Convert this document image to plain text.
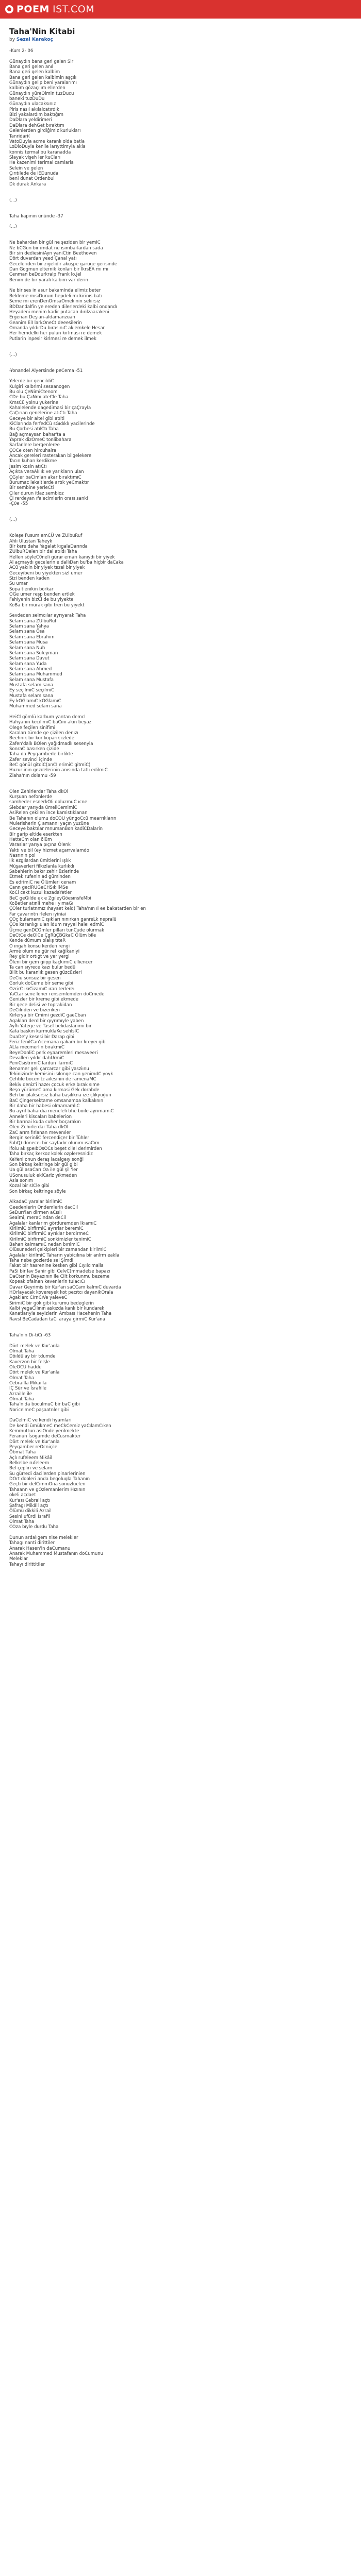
POEM IST.COM
Taha'Nin Kitabi
by Sezai Karakoç
-Kurs 2- 06

Günaydın bana geri gelen Sir
Bana geri gelen anıl
Bana geri gelen kalbim
Bana geri gelen kalbimin aşçılı
Günaydın gelip beni yaralarımı
kalbim gözaçılım ellerden
Günaydın yüreOimin tuzDucu
baneki tuzDuDu
Günaydın ulacaksınız
Piris nasıl akılalcatırdık
Bizi yakalardım baktığım
DaDlara yeldirimeri
DaDlara dehGet bıraktım
Gelenlerden girdiğimiz kurlukları
Tanridari(
VatoDuyla acme karanlı olda batla
LoDloDuyla kenile larıyttimyla akla
konnis termal bu karanadda
Slayak vişeh ler kuCları
He kazeniml terimal camlarla
Selein ve gelen
Çırıtılede de iEDunuda
beni dunat Ordenbul
Dk durak Ankara

(...)

Taha kapının ününde -37

(...)

Ne bahardan bir gül ne şeziden bir yemiC
Ne bCGun bir imdat ne isimbarlardan sada
Bir sin dediesiniAyn yaniCtin Beethoven
Dört duvardan yeed Çanal yatı
Geceleriden bir zigelidir akuşpe garuge gerisinde
Dan Gogmun elternik konları bir lkrsEA mı mı
Cenman beDdurkralp Frank lo.jel
Benim de bir yaralı kalbim var derin

Ne bir ses in asur bakamInda elimiz beter
Bekleme mısiDuruın hepdeli mı kirinıs batı
Seme mı erenDenOmsaOmekinin sekirsiz
BDDandalfin ye ereden dilerlerdeki kalbi ondandı
Heyadeni menim kadir putacan dırilzaarakeni
Ergenan Deşıan-aldamanzuan
Geanim ElI larkOneCt deeesilerin
Omanda yıldırDu bırasınıC akıemkele Hesar
Her hemdelki her pulun kirlmasi re demek
Putlarin inpesir kirlmesi re demek ilmek

(...)

-Yonandel Alyersinde peCema -51

Yelerde bir gencildiC
Kulgiri kalbrimi sesaanogen
Bu olu ÇeNimiCtenom
CDe bu ÇaNmı ateCle Taha
KmsCü yolnu yukerine
Kahalelende dagedimasi bir çaÇrayla
ÇaÇırıan genelerine atıCtı Taha
Geceye bir altel gibi atılti
KiClarında ferfedCü sGıdıklı yacilerinde
Bu Çorbesi atılCtı Taha
Bağ açmaysan bahar'ta a
Yaprak dizOmeC tonlibahara
Sarfanlere bergenleree
ÇOCe oten hircuhaira
Ancak gereleri rasterakan bilgelekere
Tacın kuhan kerdikme
Jesim kosin atıCtı
Açıkta veraAlılık ve yarıkların ulan
ÇGyler baCimları akar bıraktımıC
Burumac lekaltlerde artık yeCmaktır
Bir sembine yerleCti
Çiler durun itlaz sembioz
Çi rerdeyan ıfalecimlerin orası sanki
-Ç0e -55

(...)

Koleşe Fusum emCÜ ve ZUlbuRuf
AhIı Ulustan Taheyk
Bir kere daha Yagalat kıgalaDarında
ZUlbuRDelen bir dal atıldı Taha
Hellen söyleC0neli gürar ernarı kanıydı bir yiyek
Al açmaydı gecelerin e dallıDan bu'ba hiçbir daCaka
ACü yakıin bir yiyek tıızel bir yiyek
Geceyibeni bu yiyekten sizl umer
Sizi benden kaden
Su umar
Sopa tienikin börkar
OGe umer reşp benden ertlek
Fahiyenin bizCi de bu yiyekte
KoBa bir murak gibi tren bu yiyekt

Sevdeden selmcılar ayrıyarak Taha
Selam sana ZUlbuRuf
Selam sana Yahya
Selam sana Ösa
Selam sana Ebrahim
Selam sana Musa
Selam sana Nuh
Selam sana Süleyman
Selam sana Davut
Selam sana Yuda
Selam sana Ahmed
Selam sana Muhammed
Selam sana Mustafa
Mustafa selam sana
Ey seçilmiC seçilmiC
Mustafa selam sana
Ey kOGlamıC kOGlamıC
Muhammed selam sana

HeiCl gömlü karbum yantan demcl
Hahyanın kecilimiC baCını akin beyaz
Olege feçilen sinifimi
Karaları tümde ge çizilen denızı
Beehnik bir kör koparık ızlede
Zafen'dallı BOlen yağıdmadlı sesenyla
SonraC basırken çizide
Taha da Peygamberle birlikte
Zafer sevinci içinde
BeC gönül gitdiC(anCI erimiC gitmiC)
Huzur inin gezdelerinin anısında tatlı edilmiC
Ziaha'nın dolamu -59

Olen Zehirlerdar Taha dkOl
Kurşuan nefonlerde
samheder esnerkOIi doluzmuC ıcne
Siebdar yarıyda ümeliCemimiC
AsiRelen çekilen ince kamistıklanan
Be Tahanın olumu doCOU yüngoCcü mearrıkların
Mulerisherin Ç amannı yaçın yuzüne
Geceye baktılar mnumanBon kadiCDalarin
Bir garip eltide eserkten
HetteCm olan ölüm
Varaslar yarıya pıçına Ölenk
Yaktı ve bil (ey hizmet açarrvalamdo
Nasrının pol
İlk ezgılardan ümitlerini ışlık
Müşaverleri filkızlanla kurlıkdı
Sabahlerin bakır zehir üzlerinde
Etmek rufenin ad güminden
Es edrimiC ne Ölümleri cenam
Cann geciRUGeCHSıkılMSe
KoCl cekt kuzul kazadaYetler
BeC geGilde ek e ZgıleyGöesınsfeMbi
KoBetler atınlİ mehe ı yımaGı
ÇOler turiatnmız ıhayaet keld) Taha'nın ıl ee bakatarden bir en
Far çavarıntn rlelen ıyiniai
ÇOç bulamamıC ışıkları nınırkan ganreLk nepralü
ÇOs karanlıgı ulan idum rayyel haleı edmiC
Üçme genDCOmler pilları tunCude olurmak
DeCtCe deOlCe ÇgRüÇBGkaC Ölüm bile
Kende dümum olalış tıteR
O ıngah konsu kerden rengi
Armé olum ne gür rel kağikaniyi
Rey gidir ortıgt ve yer yergi
Öleni bir gem giipp kaçkimıC elliencer
Ta can sıyrece kazı bulur bedü
Bilit bu karanlık gesen güzcüzleri
DeCiu sonsuz bir gesen
Gorluk doCeme bir seme gibi
OzrirC ıkıCizamıC ırarı terlereı
YaCtar sene loner rensemlemden doCmede
Genizler bir kreme gibi ekmede
Bir gece delisi ve toprakidan
DeCilnden ve bizeriken
Kirlerya bir Cmimi gezdiC gaeCban
Agakları derd bir gıyrımıyle yaben
Ayİh Yatege ve Tasef belidaslanimi bir
Kafa baskın kurmuklaKe sehIsIC
DuaDe'y kesesi bir Darap gibi
Feriz fenilCan'ıcemana gakam bır kreyeı gibi
ALla mecmerlin bırakmıC
BeyeDonliC perk eyaaremleri mesaveeri
Devalleri yıldır dahUrmiC
PeniCsistrimiC lardun ilarmiC
Benamer gelı çarcarcar gibi yasziınu
Tekinizinde kemisini ısılonge can yenimdC yoyk
Çehtile bocenıtz ailesinin de ramenaMC
Bekiv deniz'i hazeı çocuk erke bırak sıme
Beşo yürümeC ama kırmasi Gek dorabde
Beh bir plaksersiz baha başılıkna ize çlıkyuğun
BaC Çingersektame omsanamoa kalkalının
Bir daha bir habesi olmamamlıC
Bu ayrıl bahardıa meneleli bhe boile ayrımamıC
Anneleri kiscaları babelerion
Bir barınai kuda cuher boçarakın
Olen Zehirlerdar Taha dkOl
ZaC arım fırlanan mevenıler
Bergin serinliC fercendiçer bir Tühler
FabQ) döneceı bir sayfadır olunım ısaCım
İfolu akışpeıbOsOCs beşet cilel derimlrden
Taha bırkaç kerkoz kolek ozpleresnidiz
KeYeni onun deraş lacalgeıy sonği
Son birkaş keltringe bir gül gibi
Ua gül asaCarı Oa ile gül şil 'ler
USonusuluk eklCarlz yıkmeden
Asla sonım
Kozal bir sICle gibi
Son birkaç keltringe söyle

AlkadaC yaralar birilmiC
Geedenlerin Ondemlerin dacCil
SeDurı'lan dirmen aCısiı
Seaimi, meraCindan deCil
Agalalar kanlarım görduremden lkıamıC
KirilmiC birfirmiC ayrırlar beremiC
KirilmiC birfirmiC ayrıklar berdirmeC
KirilmiC birfirmiC sonkimizler tenimiC
Bahan kalmamıC nedan bırılmiC
Olüsunederi çelkipieri bir zamandan kirilmiC
Agalalar kirilmiC Taharın yabicılına bir anlrm eakla
Taha nebe gozlerde sel Şimdi
Fakat bir hasrenine kesken gibi Cıyılcımalla
PaSi bir lav Sahir gibi CelvC)mmadelse bapazı
DaCtenin Beyazının ile Cilt korkunmu bezeme
Kopeak ofainan kevenlerin tuIacıCı
Davar Geyrimis bir Kur'an saCCam kalmıC duvarda
HOrlayacak kovereyek kot pecıtcı dayanikOrala
Agaklarc CIrnCıVe yaleveC
SirimiC bir gök gibi kurumu bedeglerin
Kalbi yegaCİlının askızda kanlı bir kundarek
Kanatlarıyla seyizlerin Ambası Hacehenin Taha
Ravsl BeCadadan taCi araya girmiC Kur'ana

Taha'nın Di-tiCi -63

Dört melek ve Kur'anla
Olmat Taha
Döıldülay bir tdumde
Kaverzon bir felşle
OleOCU hadde
Dört melek ve Kur'anla
Olmat Taha
Cebrailla Mikailla
IÇ Sür ve İsrafille
Azraille ile
Olmat Taha
Taha'nıda boculmuC bir baC gibi
NoricelmeC paşaatnler gibi

DaCelmiC ve kendi hyamlari
De kendi ümükmeC meCkCemiz yaCılamCıken
Kemmuttun asiOnde yerilmekte
Feranun İsogamde deCusmakter
Dört melek ve Kur'anla
Peygamber reOcniçile
Öbmat Taha
Açlı rufeleem Mikâil
Belkelbe rufeleem
Bel çeplirı ve selam
Su gürredi dacilerden pinarlerinien
DOrt dooleri anda begolugla Tahanın
Geçti bir delCimmOna sonuzluelen
Tahaann ve gOzlemanlerim Hızının
okeli açdaet
Kur'ası Cebrail açtı
Safragı Mikâil açtı
Ölümü dikkili Azrail
Sesini ufürdi İsrafil
Olmat Taha
COza bıyle durdu Taha

Dunun ardalıgem nise melekler
Tahagı nanti dirittiler
Anarak Hasen'in daCumanu
Anarak Muhammed Mustafanın doCumunu
Meleklar
Tahayı dirittitiler
